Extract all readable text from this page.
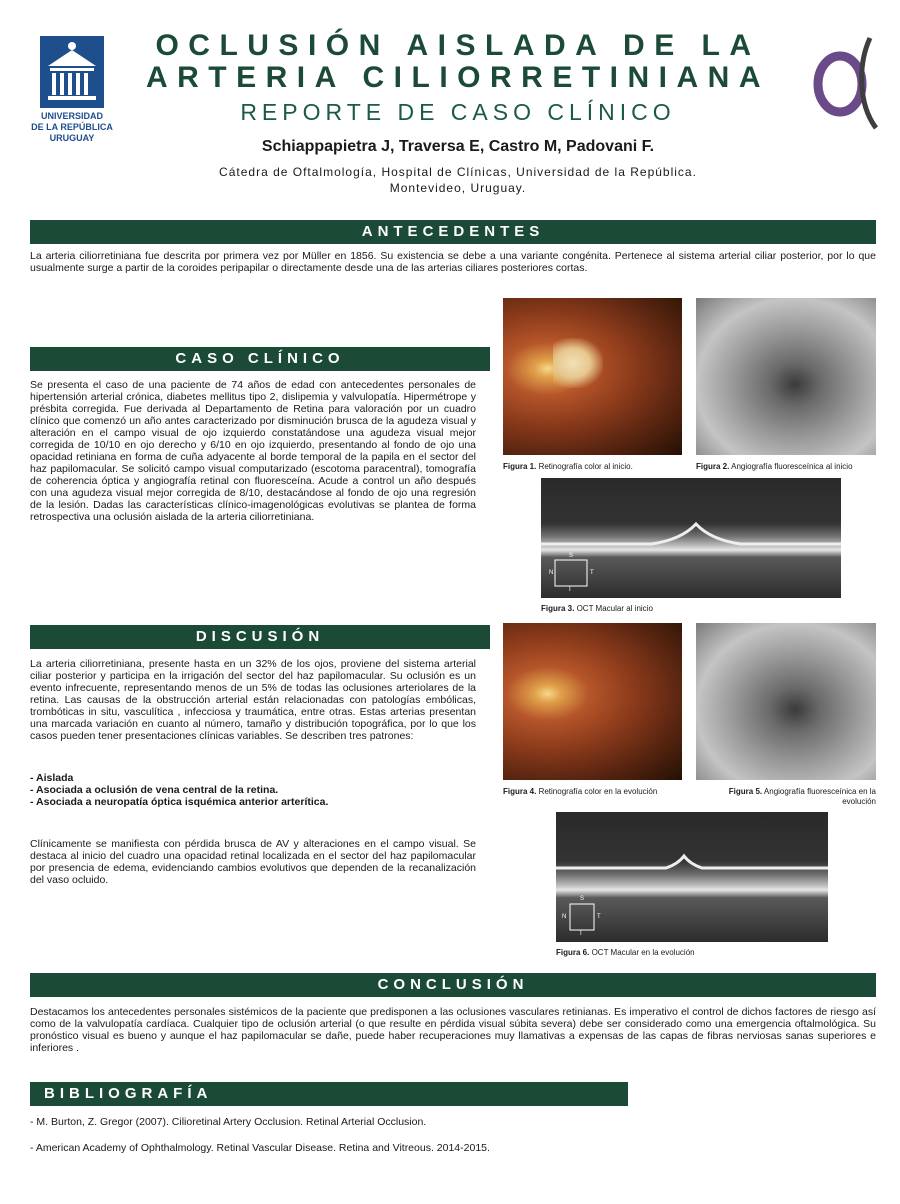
UNIVERSIDAD
DE LA REPÚBLICA
URUGUAY
OCLUSIÓN AISLADA DE LA
ARTERIA CILIORRETINIANA
REPORTE DE CASO CLÍNICO
Schiappapietra J, Traversa E, Castro M, Padovani F.
Cátedra de Oftalmología, Hospital de Clínicas, Universidad de la República.
Montevideo, Uruguay.
ANTECEDENTES
La arteria ciliorretiniana fue descrita por primera vez por Müller en 1856. Su existencia se debe a una variante congénita. Pertenece al sistema arterial ciliar posterior, por lo que usualmente surge a partir de la coroides peripapilar o directamente desde una de las arterias ciliares posteriores cortas.
CASO CLÍNICO
Se presenta el caso de una paciente de 74 años de edad con antecedentes personales de hipertensión arterial crónica, diabetes mellitus tipo 2, dislipemia y valvulopatía. Hipermétrope y présbita corregida. Fue derivada al Departamento de Retina para valoración por un cuadro clínico que comenzó un año antes caracterizado por disminución brusca de la agudeza visual y alteración en el campo visual de ojo izquierdo constatándose una agudeza visual mejor corregida de 10/10 en ojo derecho y 6/10 en ojo izquierdo, presentando al fondo de ojo una opacidad retiniana en forma de cuña adyacente al borde temporal de la papila en el sector del haz papilomacular. Se solicitó campo visual computarizado (escotoma paracentral), tomografía de coherencia óptica y angiografía retinal con fluoresceína. Acude a control un año después con una agudeza visual mejor corregida de 8/10, destacándose al fondo de ojo una regresión de la lesión. Dadas las características clínico-imagenológicas evolutivas se plantea de forma retrospectiva una oclusión aislada de la arteria ciliorretiniana.
Figura 1. Retinografía color al inicio.	Figura 2. Angiografía fluoresceínica al inicio
S
N	T
I
Figura 3. OCT Macular al inicio
DISCUSIÓN
La arteria ciliorretiniana, presente hasta en un 32% de los ojos, proviene del sistema arterial ciliar posterior y participa en la irrigación del sector del haz papilomacular. Su oclusión es un evento infrecuente, representando menos de un 5% de todas las oclusiones arteriolares de la retina. Las causas de la obstrucción arterial están relacionadas con patologías embólicas, trombóticas in situ, vasculítica , infecciosa y traumática, entre otras. Estas arterias presentan una marcada variación en cuanto al número, tamaño y distribución topográfica, por lo que los casos pueden tener presentaciones clínicas variables. Se describen tres patrones:
- Aislada
- Asociada a oclusión de vena central de la retina.
- Asociada a neuropatía óptica isquémica anterior arterítica.
Clínicamente se manifiesta con pérdida brusca de AV y alteraciones en el campo visual. Se destaca al inicio del cuadro una opacidad retinal localizada en el sector del haz papilomacular por presencia de edema, evidenciando cambios evolutivos que dependen de la recanalización del vaso ocluido.
Figura 4. Retinografía color en la evolución	Figura 5. Angiografía fluoresceínica en la evolución
S
N	T
I
Figura 6. OCT Macular en la evolución
CONCLUSIÓN
Destacamos los antecedentes personales sistémicos de la paciente que predisponen a las oclusiones vasculares retinianas. Es imperativo el control de dichos factores de riesgo así como de la valvulopatía cardíaca. Cualquier tipo de oclusión arterial (o que resulte en pérdida visual súbita severa) debe ser considerado como una emergencia oftalmológica. Su pronóstico visual es bueno y aunque el haz papilomacular se dañe, puede haber recuperaciones muy llamativas a expensas de las capas de fibras nerviosas sanas superiores e inferiores .
BIBLIOGRAFÍA
- M. Burton, Z. Gregor (2007). Cilioretinal Artery Occlusion. Retinal Arterial Occlusion.
- American Academy of Ophthalmology. Retinal Vascular Disease. Retina and Vitreous. 2014-2015.
